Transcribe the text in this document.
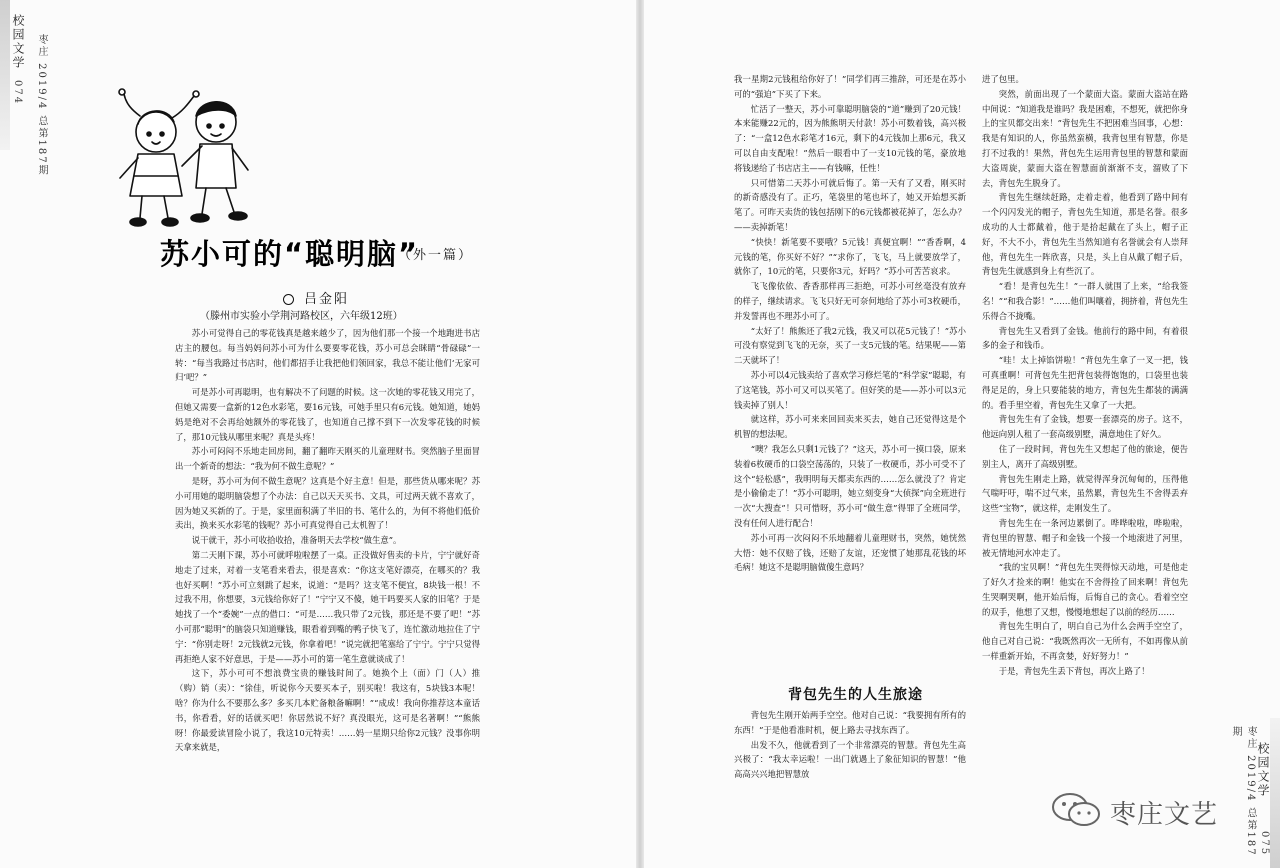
校园文学
074 枣庄 2019/4 总第187期
校园文学
075
枣庄 2019/4 总第187期
苏小可的“聪明脑”
（外一篇）
吕金阳
（滕州市实验小学荆河路校区，六年级12班）

苏小可觉得自己的零花钱真是越来越少了，因为他们那一个接一个地跑进书店店主的腰包。每当妈妈问苏小可为什么要要零花钱，苏小可总会眯睛“骨碌碌”一转：“每当我路过书店时，他们都招手让我把他们领回家，我总不能让他们‘无家可归’吧？”

可是苏小可再聪明，也有解决不了问题的时候。这一次她的零花钱又用完了，但她又需要一盒新的12色水彩笔，要16元钱，可她手里只有6元钱。她知道，她妈妈是绝对不会再给她额外的零花钱了，也知道自己撑不到下一次发零花钱的时候了，那10元钱从哪里来呢？真是头疼！

苏小可闷闷不乐地走回房间，翻了翻昨天刚买的儿童理财书。突然脑子里面冒出一个新奇的想法：“我为何不做生意呢？”

是呀，苏小可为何不做生意呢？这真是个好主意！但是，那些货从哪来呢？苏小可用她的聪明脑袋想了个办法：自己以天天买书、文具，可过两天就不喜欢了，因为她又买新的了。于是，家里面积满了半旧的书、笔什么的，为何不将他们低价卖出，换来买水彩笔的钱呢？苏小可真觉得自己太机智了！

说干就干，苏小可收拾收拾，准备明天去学校“做生意”。

第二天刚下课，苏小可就呼啦啦摆了一桌。正没做好售卖的卡片，宁宁就好奇地走了过来，对着一支笔看来看去，很是喜欢：“你这支笔好漂亮，在哪买的？我也好买啊！”苏小可立刻跳了起来，说道：“是吗？这支笔不便宜，8块钱一根！不过我不用，你想要，3元钱给你好了！”宁宁又不傻，她干吗要买人家的旧笔？于是她找了一个“委婉”一点的借口：“可是……我只带了2元钱，那还是不要了吧！”苏小可那“聪明”的脑袋只知道赚钱，眼看着到嘴的鸭子快飞了，连忙激动地拉住了宁宁：“你别走呀！2元钱就2元钱，你拿着吧！”说完就把笔塞给了宁宁。宁宁只觉得再拒绝人家不好意思，于是——苏小可的第一笔生意就谈成了！

这下，苏小可可不想浪费宝贵的赚钱时间了。她换个上（面）门（人）推（购）销（卖）：“徐佳，听说你今天要买本子，别买啦！我这有，5块钱3本呢！啥？你为什么不要那么多？多买几本贮备粮备嘛啊！”“成成！我向你推荐这本童话书，你看看，好的话就买吧！你居然说不好？真没眼光，这可是名著啊！”“熊熊呀！你最爱读冒险小说了，我这10元特卖！……妈一星期只给你2元钱？没事你明天拿来就是，

我一星期2元钱租给你好了！”同学们再三推辞，可还是在苏小可的“强迫”下买了下来。

忙活了一整天，苏小可靠聪明脑袋的“道”赚到了20元钱！本来能赚22元的，因为熊熊明天付款！苏小可数着钱，高兴极了：“一盒12色水彩笔才16元，剩下的4元钱加上那6元，我又可以自由支配啦！”然后一眼看中了一支10元钱的笔，豪放地将钱递给了书店店主——有钱嘛，任性！

只可惜第二天苏小可就后悔了。第一天有了又看，刚买时的新奇感没有了。正巧，笔袋里的笔也坏了，她又开始想买新笔了。可昨天卖货的钱包括刚下的6元钱都被花掉了，怎么办？——卖掉新笔！

“快快！新笔要不要哦？5元钱！真便宜啊！”“香香啊，4元钱的笔，你买好不好？”“求你了，飞飞，马上就要放学了，就你了，10元的笔，只要你3元，好吗？”苏小可苦苦哀求。

飞飞像依依、香香那样再三拒绝，可苏小可丝毫没有放弃的样子，继续请求。飞飞只好无可奈何地给了苏小可3枚硬币，并发誓再也不理苏小可了。

“太好了！熊熊还了我2元钱，我又可以花5元钱了！”苏小可没有察觉到飞飞的无奈，买了一支5元钱的笔。结果呢——第二天就坏了！

苏小可以4元钱卖给了喜欢学习修烂笔的“科学家”聪聪，有了这笔钱，苏小可又可以买笔了。但好笑的是——苏小可以3元钱卖掉了别人！

就这样，苏小可来来回回卖来买去，她自己还觉得这是个机智的想法呢。

“噢？我怎么只剩1元钱了？”这天，苏小可一摸口袋，原来装着6枚硬币的口袋空荡荡的，只装了一枚硬币，苏小可受不了这个“轻松感”，我明明每天都卖东西的……怎么就没了？肯定是小偷偷走了！”苏小可聪明，她立刻变身“大侦探”向全班进行一次“大搜查”！只可惜呀，苏小可“做生意”得罪了全班同学，没有任何人进行配合！

苏小可再一次闷闷不乐地翻着儿童理财书，突然，她恍然大悟：她不仅赔了钱，还赔了友谊，还宠惯了她那乱花钱的坏毛病！她这不是聪明脑做傻生意吗？

背包先生的人生旅途

背包先生刚开始两手空空。他对自己说：“我要拥有所有的东西！”于是他看准时机，便上路去寻找东西了。

出发不久，他就看到了一个非常漂亮的智慧。背包先生高兴极了：“我太幸运啦！一出门就遇上了象征知识的智慧！”他高高兴兴地把智慧放

进了包里。

突然，前面出现了一个蒙面大盗。蒙面大盗站在路中间说：“知道我是谁吗？我是困难，不想死，就把你身上的宝贝都交出来！”背包先生不把困难当回事，心想：我是有知识的人，你虽然蛮横，我背包里有智慧，你是打不过我的！果然，背包先生运用背包里的智慧和蒙面大盗周旋，蒙面大盗在智慧面前渐渐不支，溜败了下去，背包先生脱身了。

背包先生继续赶路，走着走着，他看到了路中间有一个闪闪发光的帽子，背包先生知道，那是名誉。很多成功的人士都戴着，他于是拾起戴在了头上，帽子正好，不大不小，背包先生当然知道有名誉就会有人崇拜他，背包先生一阵欣喜，只是，头上自从戴了帽子后，背包先生就感到身上有些沉了。

“看！是背包先生！”一群人就围了上来，“给我签名！”“和我合影！”……他们叫嚷着，拥挤着，背包先生乐得合不拢嘴。

背包先生又看到了金钱。他前行的路中间，有着很多的金子和钱币。

“哇！太上掉馅饼啦！”背包先生拿了一叉一把，钱可真重啊！可背包先生把背包装得饱饱的，口袋里也装得足足的，身上只要能装的地方，背包先生都装的满满的。看手里空着，背包先生又拿了一大把。

背包先生有了金钱，想要一套漂亮的房子。这不，他远向别人租了一套高级别墅，满意地住了好久。

住了一段时间，背包先生又想起了他的旅途，便告别主人，离开了高级别墅。

背包先生刚走上路，就觉得浑身沉甸甸的，压得他气喘吁吁，喘不过气来，虽然累，背包先生不舍得丢弃这些“宝物”，就这样，走刚发生了。

背包先生在一条河边累倒了。哗哗啦啦，哗啦啦，背包里的智慧、帽子和金钱一个接一个地滚进了河里，被无情地河水冲走了。

“我的宝贝啊！”背包先生哭得惊天动地，可是他走了好久才捡来的啊！他实在不舍得捡了回来啊！背包先生哭啊哭啊，他开始后悔，后悔自己的贪心。看着空空的双手，他想了又想，慢慢地想起了以前的经历……

背包先生明白了，明白自己为什么会两手空空了，他自己对自己说：“我既然再次一无所有，不如再像从前一样重新开始，不再贪婪，好好努力！”

于是，背包先生丢下背包，再次上路了！

枣庄文艺
